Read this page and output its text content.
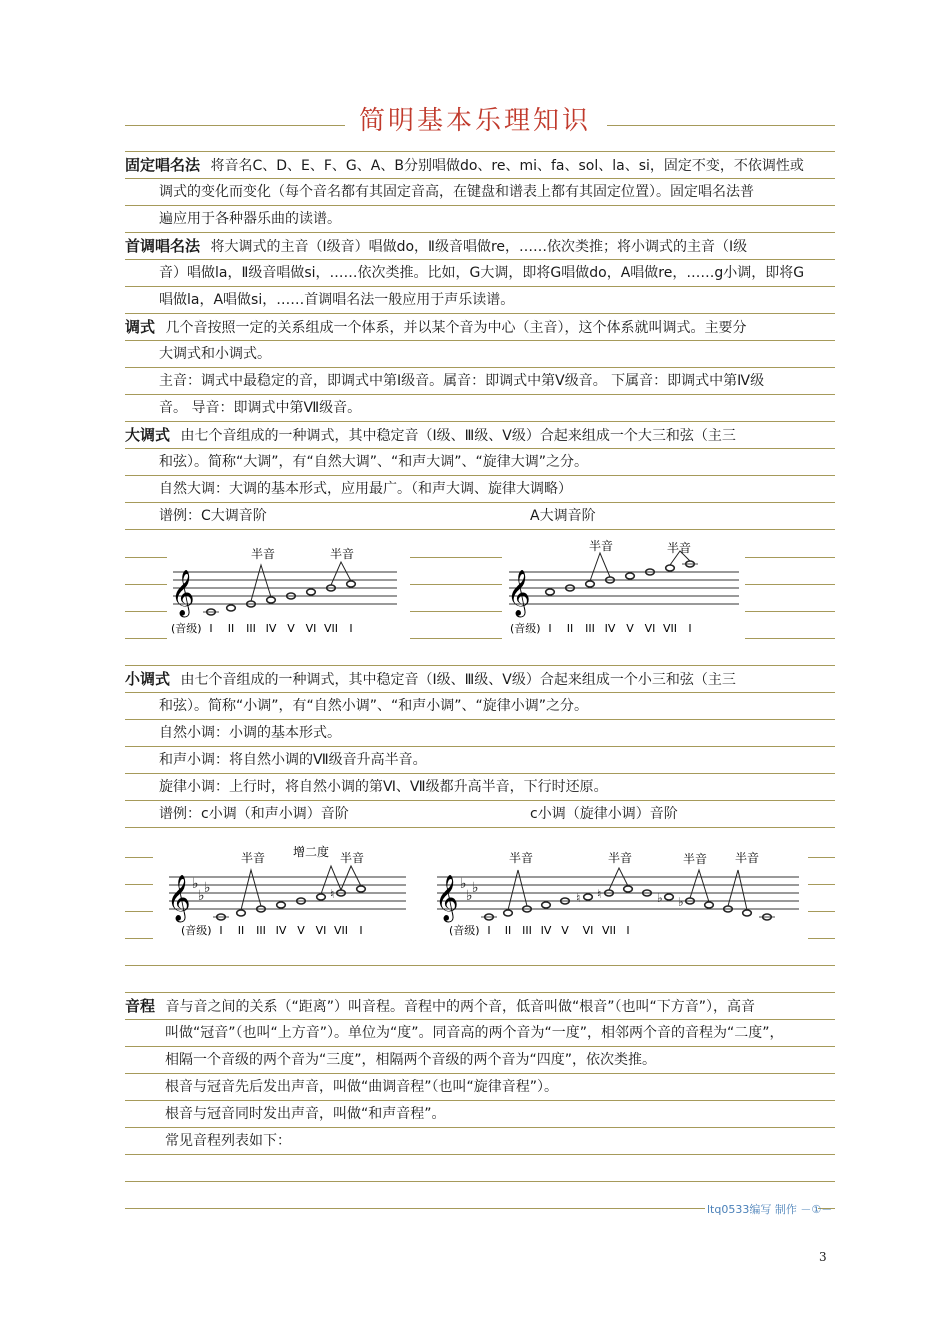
简明基本乐理知识
固定唱名法 将音名C、D、E、F、G、A、B分别唱做do、re、mi、fa、sol、la、si，固定不变，不依调性或
调式的变化而变化（每个音名都有其固定音高，在键盘和谱表上都有其固定位置）。固定唱名法普
遍应用于各种器乐曲的读谱。
首调唱名法 将大调式的主音（Ⅰ级音）唱做do，Ⅱ级音唱做re，……依次类推；将小调式的主音（Ⅰ级
音）唱做la，Ⅱ级音唱做si，……依次类推。比如，G大调，即将G唱做do，A唱做re，……g小调，即将G
唱做la，A唱做si，……首调唱名法一般应用于声乐读谱。
调式 几个音按照一定的关系组成一个体系，并以某个音为中心（主音），这个体系就叫调式。主要分
大调式和小调式。
主音：调式中最稳定的音，即调式中第Ⅰ级音。属音：即调式中第Ⅴ级音。 下属音：即调式中第Ⅳ级
音。 导音：即调式中第Ⅶ级音。
大调式 由七个音组成的一种调式，其中稳定音（Ⅰ级、Ⅲ级、Ⅴ级）合起来组成一个大三和弦（主三
和弦）。简称“大调”，有“自然大调”、“和声大调”、“旋律大调”之分。
自然大调：大调的基本形式，应用最广。（和声大调、旋律大调略）
谱例：C大调音阶	A大调音阶
𝄞
半音	半音
(音级) I II III IV V VI VII I
𝄞
半音	半音
(音级) I II III IV V VI VII I
小调式 由七个音组成的一种调式，其中稳定音（Ⅰ级、Ⅲ级、Ⅴ级）合起来组成一个小三和弦（主三
和弦）。简称“小调”，有“自然小调”、“和声小调”、“旋律小调”之分。
自然小调：小调的基本形式。
和声小调：将自然小调的Ⅶ级音升高半音。
旋律小调：上行时，将自然小调的第Ⅵ、Ⅶ级都升高半音，下行时还原。
谱例：c小调（和声小调）音阶	c小调（旋律小调）音阶
𝄞 ♭
♭ ♭	♮
半音 增二度 半音
(音级) I II III IV V VI VII I
𝄞 ♭
♭ ♭
♮ ♮	♭ ♭
半音	半音	半音 半音
(音级) I II III IV V VI VII I
音程 音与音之间的关系（“距离”）叫音程。音程中的两个音，低音叫做“根音”（也叫“下方音”），高音
叫做“冠音”（也叫“上方音”）。单位为“度”。同音高的两个音为“一度”，相邻两个音的音程为“二度”，
相隔一个音级的两个音为“三度”，相隔两个音级的两个音为“四度”，依次类推。
根音与冠音先后发出声音，叫做“曲调音程”（也叫“旋律音程”）。
根音与冠音同时发出声音，叫做“和声音程”。
常见音程列表如下：
ltq0533编写 制作 －①－
3
